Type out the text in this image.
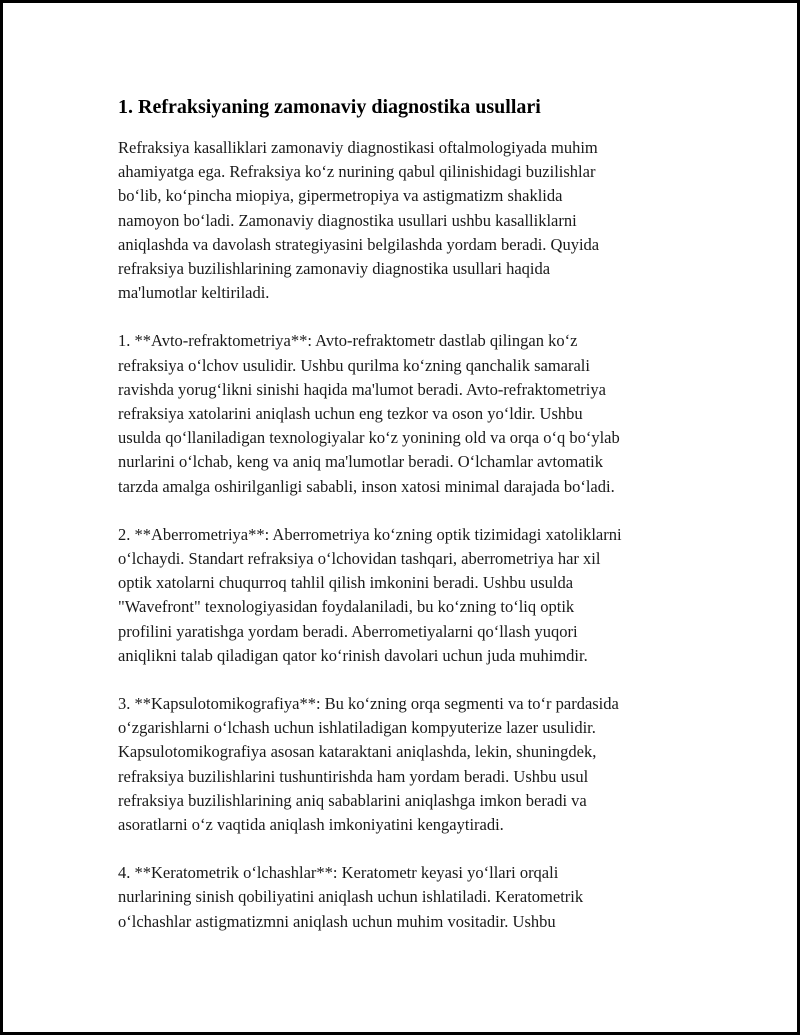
1. Refraksiyaning zamonaviy diagnostika usullari

Refraksiya kasalliklari zamonaviy diagnostikasi oftalmologiyada muhim
ahamiyatga ega. Refraksiya ko‘z nurining qabul qilinishidagi buzilishlar
bo‘lib, ko‘pincha miopiya, gipermetropiya va astigmatizm shaklida
namoyon bo‘ladi. Zamonaviy diagnostika usullari ushbu kasalliklarni
aniqlashda va davolash strategiyasini belgilashda yordam beradi. Quyida
refraksiya buzilishlarining zamonaviy diagnostika usullari haqida
ma'lumotlar keltiriladi.

1. **Avto-refraktometriya**: Avto-refraktometr dastlab qilingan ko‘z
refraksiya o‘lchov usulidir. Ushbu qurilma ko‘zning qanchalik samarali
ravishda yorug‘likni sinishi haqida ma'lumot beradi. Avto-refraktometriya
refraksiya xatolarini aniqlash uchun eng tezkor va oson yo‘ldir. Ushbu
usulda qo‘llaniladigan texnologiyalar ko‘z yonining old va orqa o‘q bo‘ylab
nurlarini o‘lchab, keng va aniq ma'lumotlar beradi. O‘lchamlar avtomatik
tarzda amalga oshirilganligi sababli, inson xatosi minimal darajada bo‘ladi.

2. **Aberrometriya**: Aberrometriya ko‘zning optik tizimidagi xatoliklarni
o‘lchaydi. Standart refraksiya o‘lchovidan tashqari, aberrometriya har xil
optik xatolarni chuqurroq tahlil qilish imkonini beradi. Ushbu usulda
"Wavefront" texnologiyasidan foydalaniladi, bu ko‘zning to‘liq optik
profilini yaratishga yordam beradi. Aberrometiyalarni qo‘llash yuqori
aniqlikni talab qiladigan qator ko‘rinish davolari uchun juda muhimdir.

3. **Kapsulotomikografiya**: Bu ko‘zning orqa segmenti va to‘r pardasida
o‘zgarishlarni o‘lchash uchun ishlatiladigan kompyuterize lazer usulidir.
Kapsulotomikografiya asosan kataraktani aniqlashda, lekin, shuningdek,
refraksiya buzilishlarini tushuntirishda ham yordam beradi. Ushbu usul
refraksiya buzilishlarining aniq sabablarini aniqlashga imkon beradi va
asoratlarni o‘z vaqtida aniqlash imkoniyatini kengaytiradi.

4. **Keratometrik o‘lchashlar**: Keratometr keyasi yo‘llari orqali
nurlarining sinish qobiliyatini aniqlash uchun ishlatiladi. Keratometrik
o‘lchashlar astigmatizmni aniqlash uchun muhim vositadir. Ushbu
